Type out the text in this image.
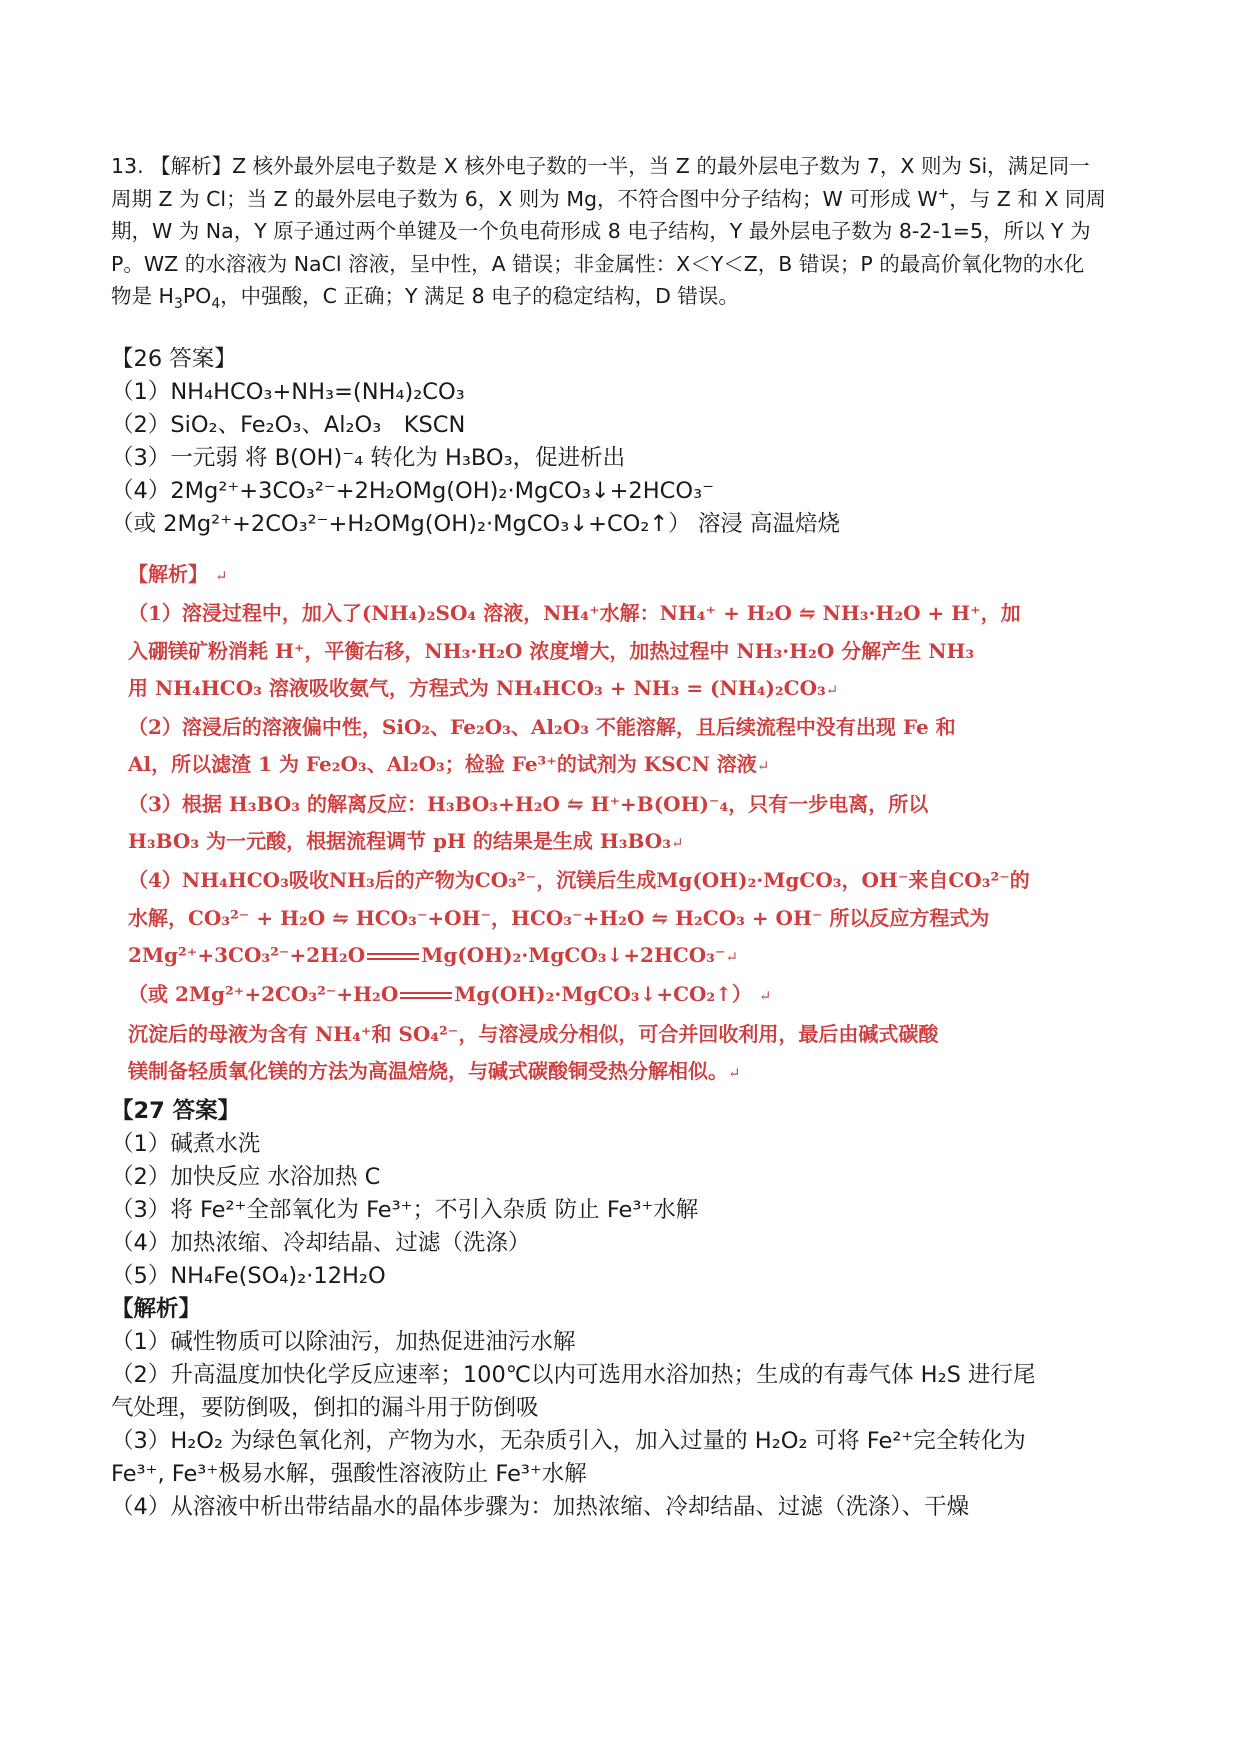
13. 【解析】Z 核外最外层电子数是 X 核外电子数的一半，当 Z 的最外层电子数为 7，X 则为 Si，满足同一
周期 Z 为 Cl；当 Z 的最外层电子数为 6，X 则为 Mg，不符合图中分子结构；W 可形成 W+，与 Z 和 X 同周
期，W 为 Na，Y 原子通过两个单键及一个负电荷形成 8 电子结构，Y 最外层电子数为 8-2-1=5，所以 Y 为
P。WZ 的水溶液为 NaCl 溶液，呈中性，A 错误；非金属性：X＜Y＜Z，B 错误；P 的最高价氧化物的水化
物是 $H_3PO_4$，中强酸，C 正确；Y 满足 8 电子的稳定结构，D 错误。
【26 答案】
（1）NH₄HCO₃+NH₃=(NH₄)₂CO₃
（2）SiO₂、Fe₂O₃、Al₂O₃　KSCN
（3）一元弱 将 B(OH)⁻₄ 转化为 H₃BO₃，促进析出
（4）2Mg²⁺+3CO₃²⁻+2H₂OMg(OH)₂·MgCO₃↓+2HCO₃⁻
（或 2Mg²⁺+2CO₃²⁻+H₂OMg(OH)₂·MgCO₃↓+CO₂↑） 溶浸 高温焙烧
【解析】 ↵
（1）溶浸过程中，加入了(NH₄)₂SO₄ 溶液，NH₄⁺水解：NH₄⁺ + H₂O ⇋ NH₃·H₂O + H⁺，加
入硼镁矿粉消耗 H⁺，平衡右移，NH₃·H₂O 浓度增大，加热过程中 NH₃·H₂O 分解产生 NH₃
用 NH₄HCO₃ 溶液吸收氨气，方程式为 NH₄HCO₃ + NH₃ = (NH₄)₂CO₃↵
（2）溶浸后的溶液偏中性，SiO₂、Fe₂O₃、Al₂O₃ 不能溶解，且后续流程中没有出现 Fe 和
Al，所以滤渣 1 为 Fe₂O₃、Al₂O₃；检验 Fe³⁺的试剂为 KSCN 溶液↵
（3）根据 H₃BO₃ 的解离反应：H₃BO₃+H₂O ⇋ H⁺+B(OH)⁻₄，只有一步电离，所以
H₃BO₃ 为一元酸，根据流程调节 pH 的结果是生成 H₃BO₃↵
（4）NH₄HCO₃吸收NH₃后的产物为CO₃²⁻，沉镁后生成Mg(OH)₂·MgCO₃，OH⁻来自CO₃²⁻的
水解，CO₃²⁻ + H₂O ⇋ HCO₃⁻+OH⁻，HCO₃⁻+H₂O ⇋ H₂CO₃ + OH⁻ 所以反应方程式为
2Mg²⁺+3CO₃²⁻+2H₂O	Mg(OH)₂·MgCO₃↓+2HCO₃⁻↵
（或 2Mg²⁺+2CO₃²⁻+H₂O	Mg(OH)₂·MgCO₃↓+CO₂↑） ↵
沉淀后的母液为含有 NH₄⁺和 SO₄²⁻，与溶浸成分相似，可合并回收利用，最后由碱式碳酸
镁制备轻质氧化镁的方法为高温焙烧，与碱式碳酸铜受热分解相似。↵
【27 答案】
（1）碱煮水洗
（2）加快反应 水浴加热 C
（3）将 Fe²⁺全部氧化为 Fe³⁺；不引入杂质 防止 Fe³⁺水解
（4）加热浓缩、冷却结晶、过滤（洗涤）
（5）NH₄Fe(SO₄)₂·12H₂O
【解析】
（1）碱性物质可以除油污，加热促进油污水解
（2）升高温度加快化学反应速率；100℃以内可选用水浴加热；生成的有毒气体 H₂S 进行尾
气处理，要防倒吸，倒扣的漏斗用于防倒吸
（3）H₂O₂ 为绿色氧化剂，产物为水，无杂质引入，加入过量的 H₂O₂ 可将 Fe²⁺完全转化为
Fe³⁺, Fe³⁺极易水解，强酸性溶液防止 Fe³⁺水解
（4）从溶液中析出带结晶水的晶体步骤为：加热浓缩、冷却结晶、过滤（洗涤）、干燥
